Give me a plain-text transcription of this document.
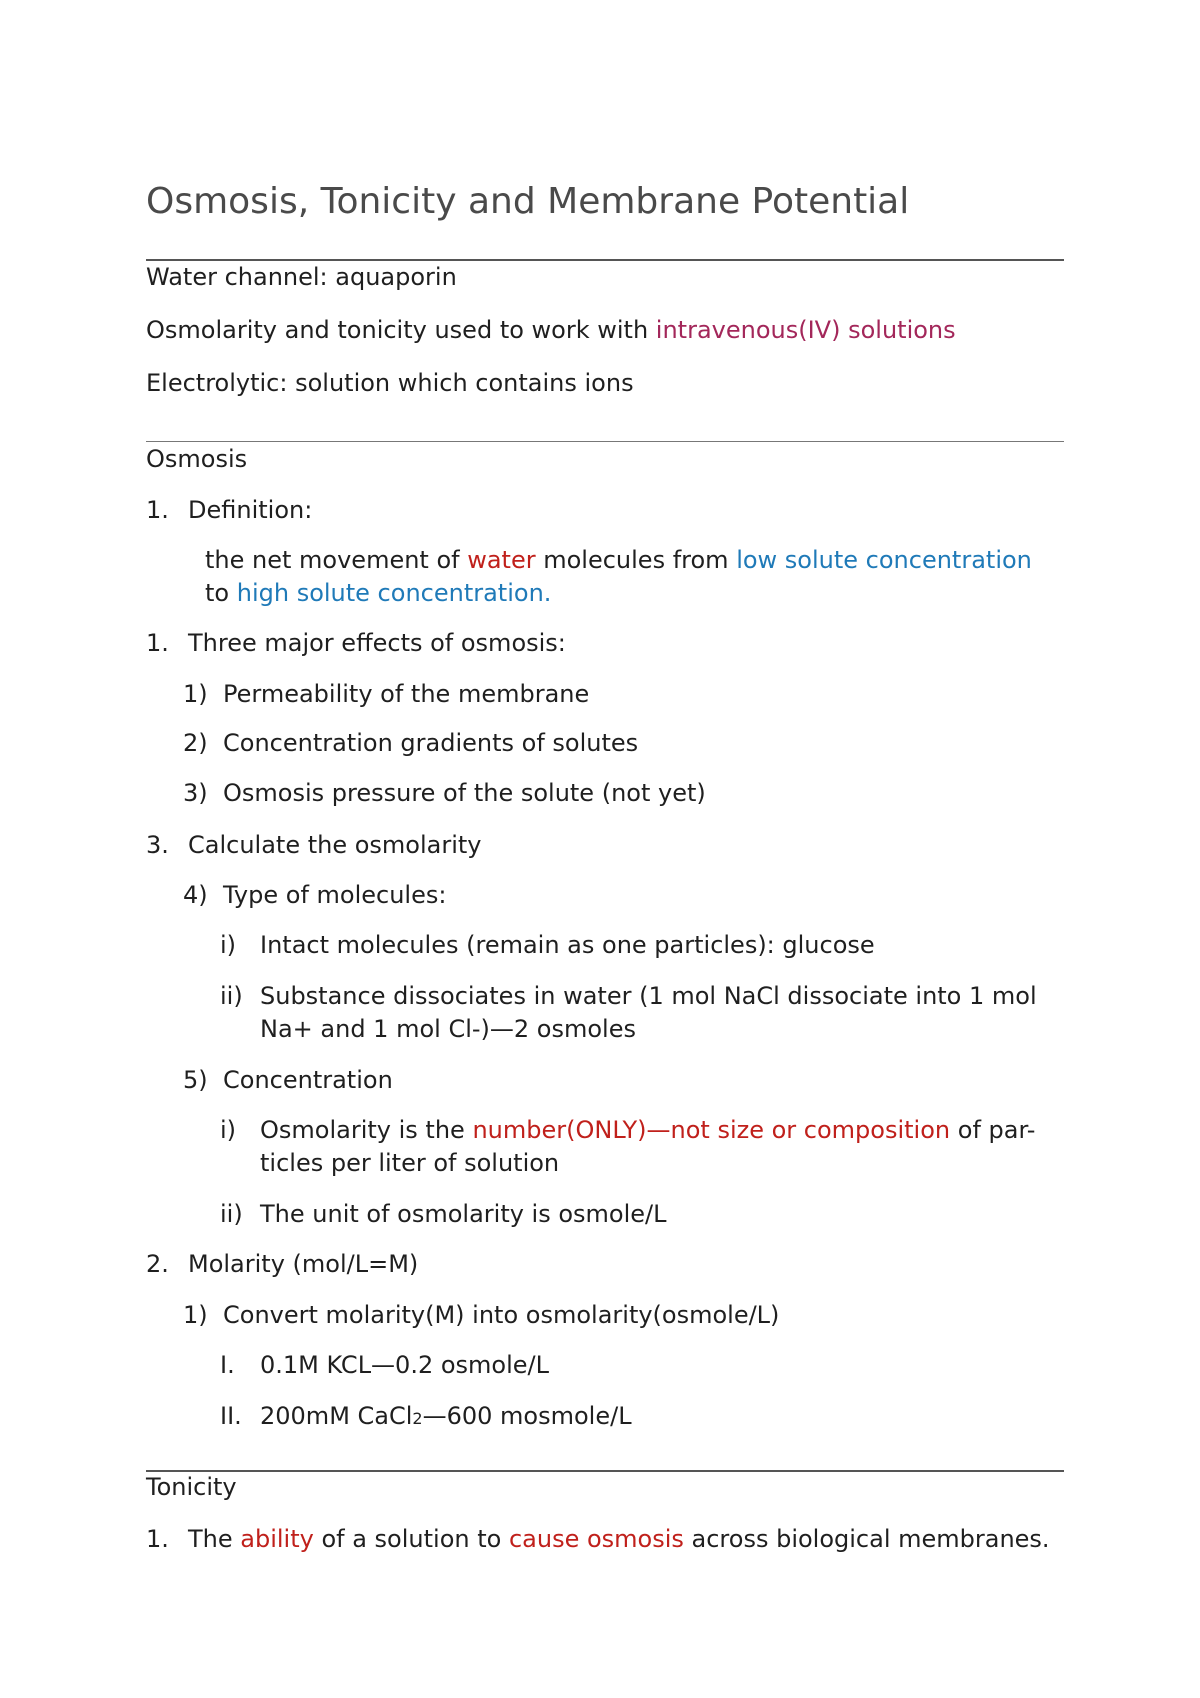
Osmosis, Tonicity and Membrane Potential
Water channel: aquaporin
Osmolarity and tonicity used to work with intravenous(IV) solutions
Electrolytic: solution which contains ions
Osmosis
1. Definition:
the net movement of water molecules from low solute concentration
to high solute concentration.
1. Three major effects of osmosis:
1) Permeability of the membrane
2) Concentration gradients of solutes
3) Osmosis pressure of the solute (not yet)
3. Calculate the osmolarity
4) Type of molecules:
i) Intact molecules (remain as one particles): glucose
ii) Substance dissociates in water (1 mol NaCl dissociate into 1 mol
Na+ and 1 mol Cl-)—2 osmoles
5) Concentration
i) Osmolarity is the number(ONLY)—not size or composition of par-
ticles per liter of solution
ii) The unit of osmolarity is osmole/L
2. Molarity (mol/L=M)
1) Convert molarity(M) into osmolarity(osmole/L)
I. 0.1M KCL—0.2 osmole/L
II. 200mM CaCl2—600 mosmole/L
Tonicity
1. The ability of a solution to cause osmosis across biological membranes.
